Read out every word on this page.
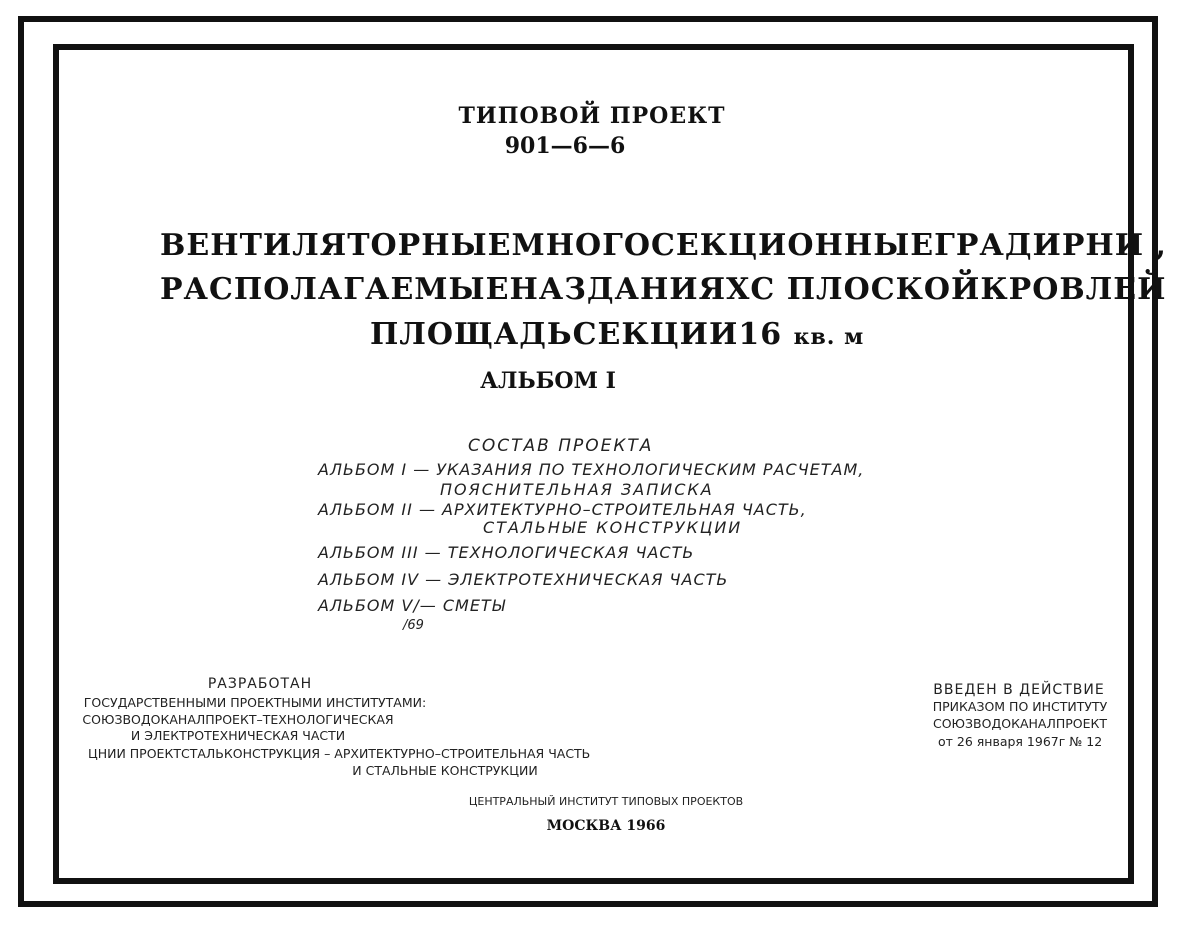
ТИПОВОЙ ПРОЕКТ
901—6—6
ВЕНТИЛЯТОРНЫЕ МНОГОСЕКЦИОННЫЕ ГРАДИРНИ ,
РАСПОЛАГАЕМЫЕ НА ЗДАНИЯХ С ПЛОСКОЙ КРОВЛЕЙ
ПЛОЩАДЬ СЕКЦИИ 16 кв. м
АЛЬБОМ I
СОСТАВ ПРОЕКТА
АЛЬБОМ I — УКАЗАНИЯ ПО ТЕХНОЛОГИЧЕСКИМ РАСЧЕТАМ,
ПОЯСНИТЕЛЬНАЯ ЗАПИСКА
АЛЬБОМ II — АРХИТЕКТУРНО–СТРОИТЕЛЬНАЯ ЧАСТЬ,
СТАЛЬНЫЕ КОНСТРУКЦИИ
АЛЬБОМ III — ТЕХНОЛОГИЧЕСКАЯ ЧАСТЬ
АЛЬБОМ IV — ЭЛЕКТРОТЕХНИЧЕСКАЯ ЧАСТЬ
АЛЬБОМ V/— СМЕТЫ
/69
РАЗРАБОТАН
ГОСУДАРСТВЕННЫМИ ПРОЕКТНЫМИ ИНСТИТУТАМИ:
СОЮЗВОДОКАНАЛПРОЕКТ–ТЕХНОЛОГИЧЕСКАЯ
И ЭЛЕКТРОТЕХНИЧЕСКАЯ ЧАСТИ
ЦНИИ ПРОЕКТСТАЛЬКОНСТРУКЦИЯ – АРХИТЕКТУРНО–СТРОИТЕЛЬНАЯ ЧАСТЬ
И СТАЛЬНЫЕ КОНСТРУКЦИИ
ВВЕДЕН В ДЕЙСТВИЕ
ПРИКАЗОМ ПО ИНСТИТУТУ
СОЮЗВОДОКАНАЛПРОЕКТ
от 26 января 1967г № 12
ЦЕНТРАЛЬНЫЙ ИНСТИТУТ ТИПОВЫХ ПРОЕКТОВ
МОСКВА 1966
